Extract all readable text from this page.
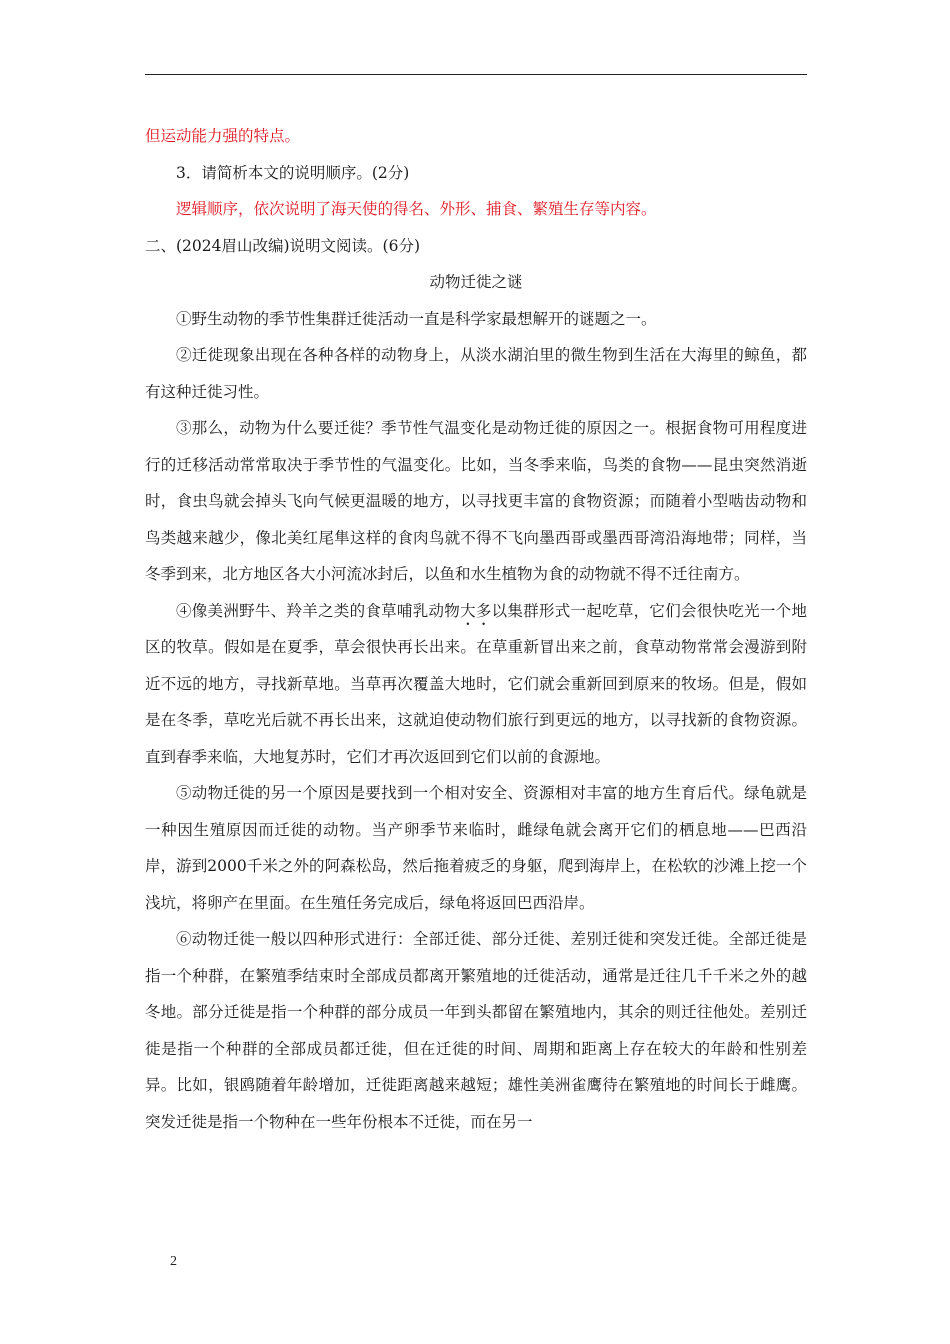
但运动能力强的特点。

3．请简析本文的说明顺序。(2分)

逻辑顺序，依次说明了海天使的得名、外形、捕食、繁殖生存等内容。

二、(2024眉山改编)说明文阅读。(6分)

动物迁徙之谜

①野生动物的季节性集群迁徙活动一直是科学家最想解开的谜题之一。

②迁徙现象出现在各种各样的动物身上，从淡水湖泊里的微生物到生活在大海里的鲸鱼，都有这种迁徙习性。

③那么，动物为什么要迁徙？季节性气温变化是动物迁徙的原因之一。根据食物可用程度进行的迁移活动常常取决于季节性的气温变化。比如，当冬季来临，鸟类的食物——昆虫突然消逝时，食虫鸟就会掉头飞向气候更温暖的地方，以寻找更丰富的食物资源；而随着小型啮齿动物和鸟类越来越少，像北美红尾隼这样的食肉鸟就不得不飞向墨西哥或墨西哥湾沿海地带；同样，当冬季到来，北方地区各大小河流冰封后，以鱼和水生植物为食的动物就不得不迁往南方。

④像美洲野牛、羚羊之类的食草哺乳动物大多以集群形式一起吃草，它们会很快吃光一个地区的牧草。假如是在夏季，草会很快再长出来。在草重新冒出来之前，食草动物常常会漫游到附近不远的地方，寻找新草地。当草再次覆盖大地时，它们就会重新回到原来的牧场。但是，假如是在冬季，草吃光后就不再长出来，这就迫使动物们旅行到更远的地方，以寻找新的食物资源。直到春季来临，大地复苏时，它们才再次返回到它们以前的食源地。

⑤动物迁徙的另一个原因是要找到一个相对安全、资源相对丰富的地方生育后代。绿龟就是一种因生殖原因而迁徙的动物。当产卵季节来临时，雌绿龟就会离开它们的栖息地——巴西沿岸，游到2000千米之外的阿森松岛，然后拖着疲乏的身躯，爬到海岸上，在松软的沙滩上挖一个浅坑，将卵产在里面。在生殖任务完成后，绿龟将返回巴西沿岸。

⑥动物迁徙一般以四种形式进行：全部迁徙、部分迁徙、差别迁徙和突发迁徙。全部迁徙是指一个种群，在繁殖季结束时全部成员都离开繁殖地的迁徙活动，通常是迁往几千千米之外的越冬地。部分迁徙是指一个种群的部分成员一年到头都留在繁殖地内，其余的则迁往他处。差别迁徙是指一个种群的全部成员都迁徙，但在迁徙的时间、周期和距离上存在较大的年龄和性别差异。比如，银鸥随着年龄增加，迁徙距离越来越短；雄性美洲雀鹰待在繁殖地的时间长于雌鹰。突发迁徙是指一个物种在一些年份根本不迁徙，而在另一

2
